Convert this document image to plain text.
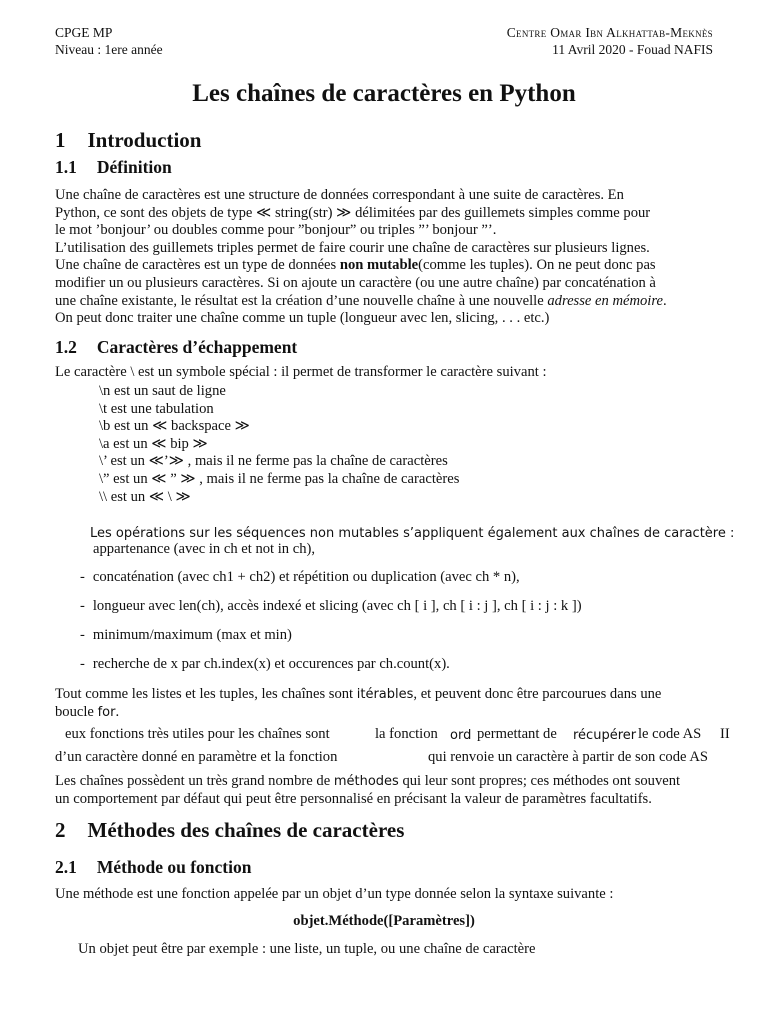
CPGE MP
Niveau : 1ere année
Centre Omar Ibn Alkhattab-Meknès
11 Avril 2020 - Fouad NAFIS
Les chaînes de caractères en Python
1 Introduction
1.1 Définition
Une chaîne de caractères est une structure de données correspondant à une suite de caractères. En
Python, ce sont des objets de type ≪ string(str) ≫ délimitées par des guillemets simples comme pour
le mot ’bonjour’ ou doubles comme pour ”bonjour” ou triples ”’ bonjour ”’.
L’utilisation des guillemets triples permet de faire courir une chaîne de caractères sur plusieurs lignes.
Une chaîne de caractères est un type de données non mutable(comme les tuples). On ne peut donc pas
modifier un ou plusieurs caractères. Si on ajoute un caractère (ou une autre chaîne) par concaténation à
une chaîne existante, le résultat est la création d’une nouvelle chaîne à une nouvelle adresse en mémoire.
On peut donc traiter une chaîne comme un tuple (longueur avec len, slicing, . . . etc.)
1.2 Caractères d’échappement
Le caractère \ est un symbole spécial : il permet de transformer le caractère suivant :
\n est un saut de ligne
\t est une tabulation
\b est un ≪ backspace ≫
\a est un ≪ bip ≫
\’ est un ≪’≫ , mais il ne ferme pas la chaîne de caractères
\” est un ≪ ” ≫ , mais il ne ferme pas la chaîne de caractères
\\ est un ≪ \ ≫
Les opérations sur les séquences non mutables s’appliquent également aux chaînes de caractère :
appartenance (avec in ch et not in ch),
- concaténation (avec ch1 + ch2) et répétition ou duplication (avec ch * n),
- longueur avec len(ch), accès indexé et slicing (avec ch [ i ], ch [ i : j ], ch [ i : j : k ])
- minimum/maximum (max et min)
- recherche de x par ch.index(x) et occurences par ch.count(x).
Tout comme les listes et les tuples, les chaînes sont itérables, et peuvent donc être parcourues dans une
boucle for.
eux fonctions très utiles pour les chaînes sont	la fonction ord permettant de récupérer le code AS II
d’un caractère donné en paramètre et la fonction	qui renvoie un caractère à partir de son code AS
Les chaînes possèdent un très grand nombre de méthodes qui leur sont propres; ces méthodes ont souvent
un comportement par défaut qui peut être personnalisé en précisant la valeur de paramètres facultatifs.
2 Méthodes des chaînes de caractères
2.1 Méthode ou fonction
Une méthode est une fonction appelée par un objet d’un type donnée selon la syntaxe suivante :
objet.Méthode([Paramètres])
Un objet peut être par exemple : une liste, un tuple, ou une chaîne de caractère
